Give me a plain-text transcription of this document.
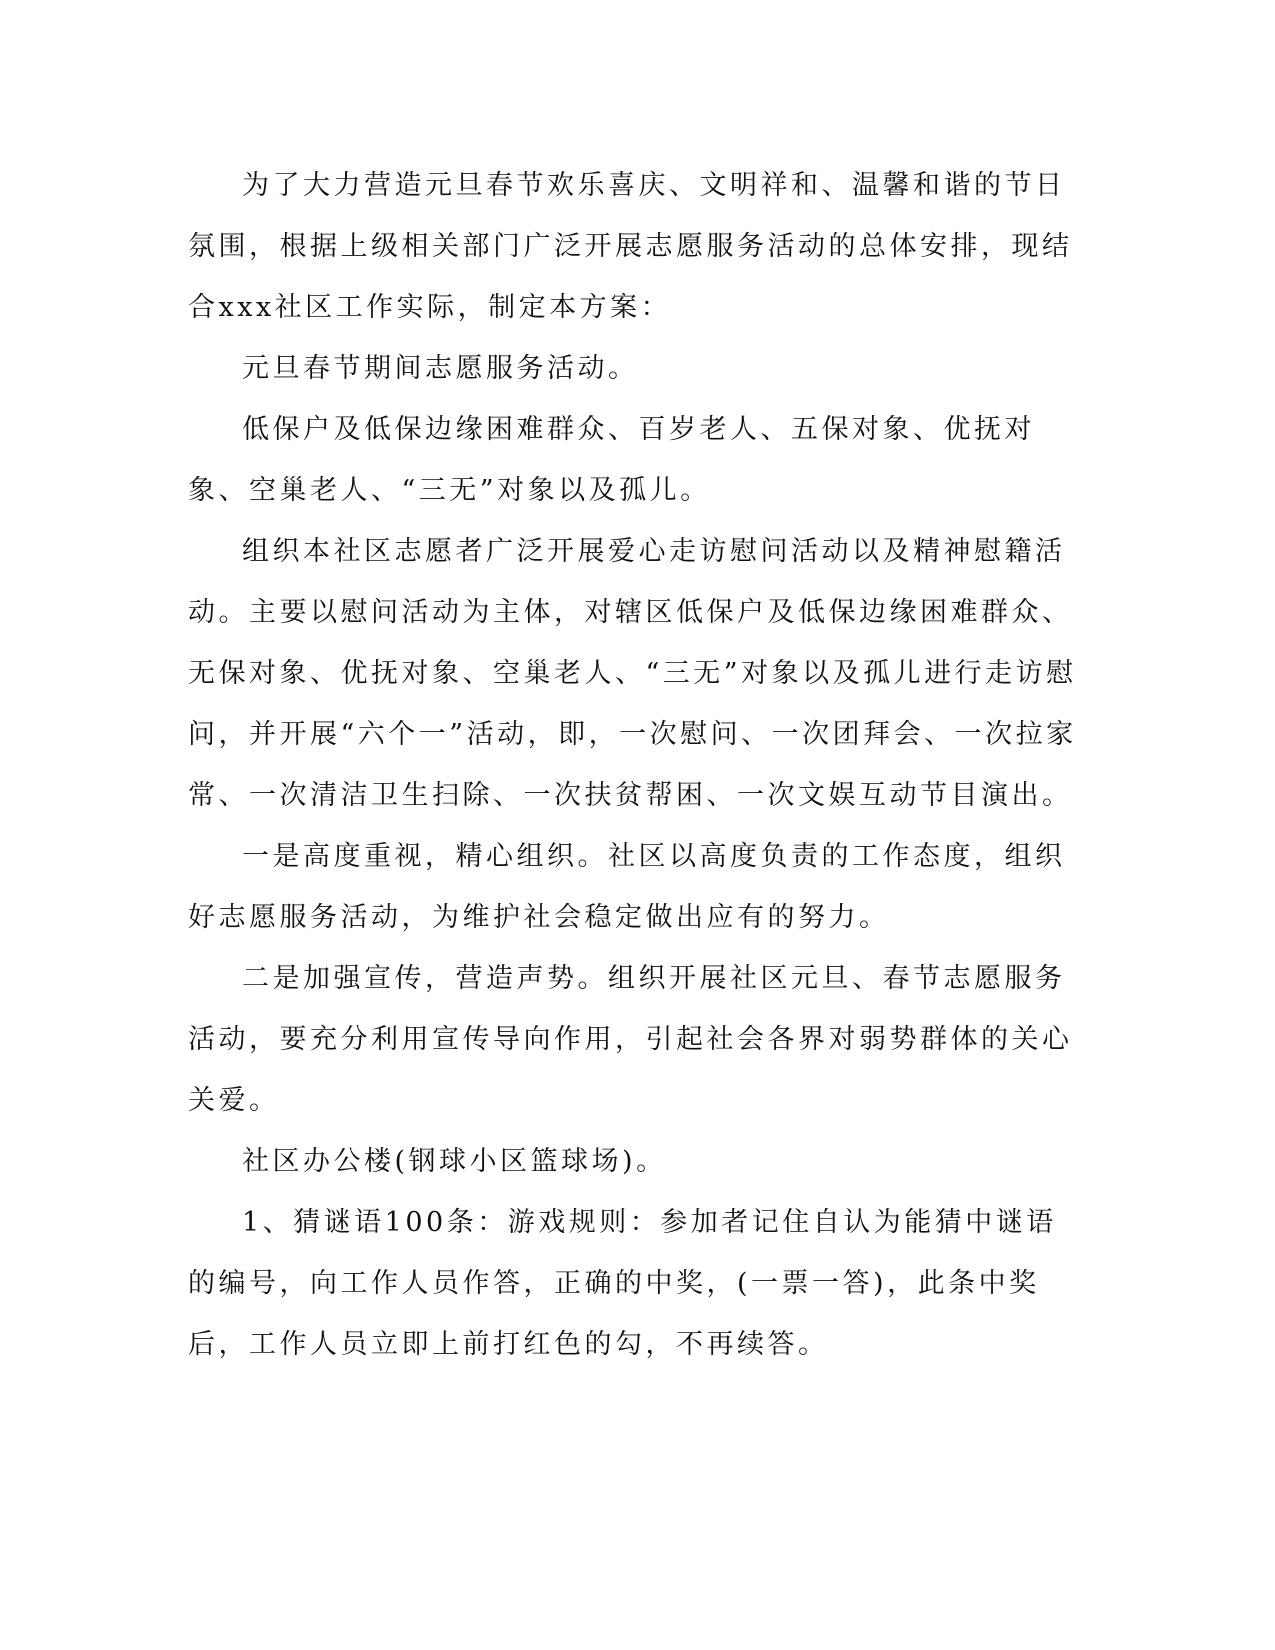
为了大力营造元旦春节欢乐喜庆、文明祥和、温馨和谐的节日氛围，根据上级相关部门广泛开展志愿服务活动的总体安排，现结合xxx社区工作实际，制定本方案：

元旦春节期间志愿服务活动。

低保户及低保边缘困难群众、百岁老人、五保对象、优抚对象、空巢老人、“三无”对象以及孤儿。

组织本社区志愿者广泛开展爱心走访慰问活动以及精神慰籍活动。主要以慰问活动为主体，对辖区低保户及低保边缘困难群众、无保对象、优抚对象、空巢老人、“三无”对象以及孤儿进行走访慰问，并开展“六个一”活动，即，一次慰问、一次团拜会、一次拉家常、一次清洁卫生扫除、一次扶贫帮困、一次文娱互动节目演出。

一是高度重视，精心组织。社区以高度负责的工作态度，组织好志愿服务活动，为维护社会稳定做出应有的努力。

二是加强宣传，营造声势。组织开展社区元旦、春节志愿服务活动，要充分利用宣传导向作用，引起社会各界对弱势群体的关心关爱。

社区办公楼(钢球小区篮球场)。

1、猜谜语100条：游戏规则：参加者记住自认为能猜中谜语的编号，向工作人员作答，正确的中奖，(一票一答)，此条中奖后，工作人员立即上前打红色的勾，不再续答。
